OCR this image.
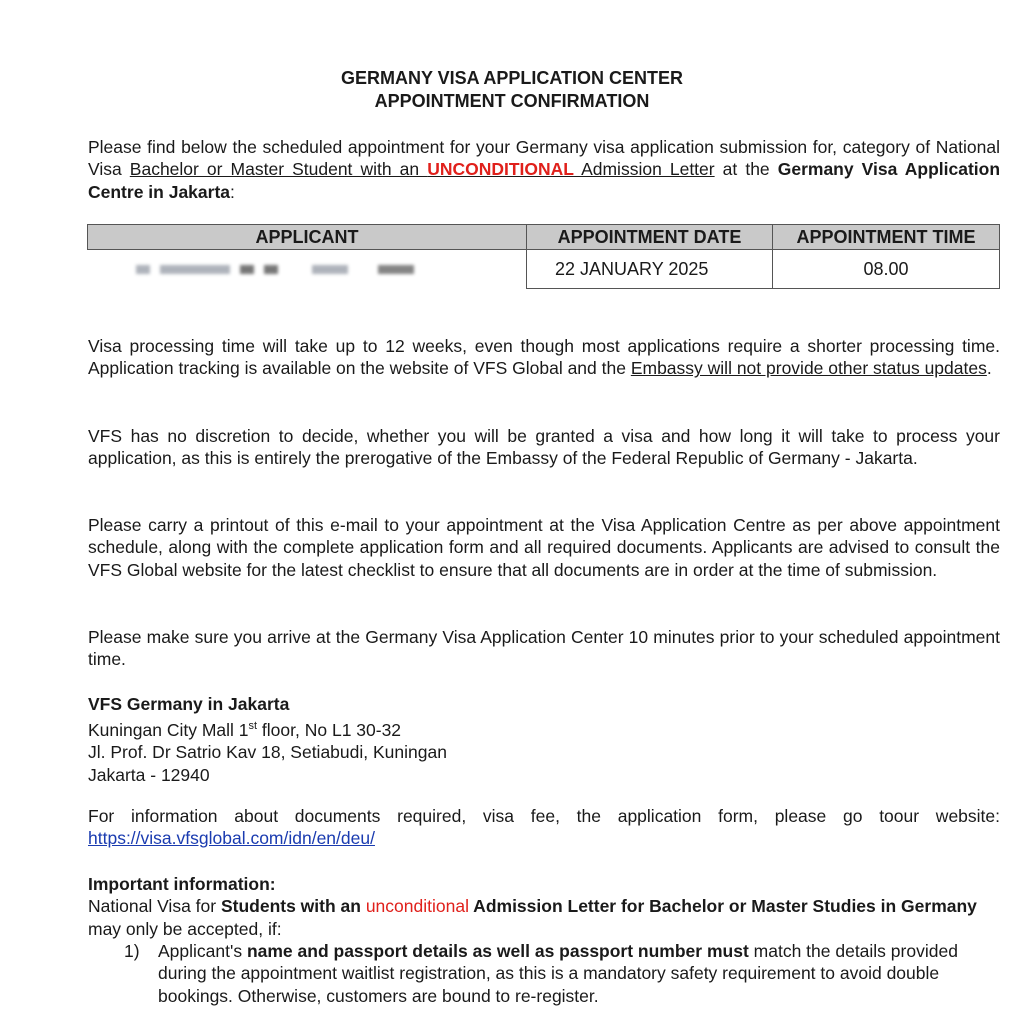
GERMANY VISA APPLICATION CENTER
APPOINTMENT CONFIRMATION
Please find below the scheduled appointment for your Germany visa application submission for, category of National Visa Bachelor or Master Student with an UNCONDITIONAL Admission Letter at the Germany Visa Application Centre in Jakarta:
APPLICANT	APPOINTMENT DATE	APPOINTMENT TIME

	22 JANUARY 2025	08.00
Visa processing time will take up to 12 weeks, even though most applications require a shorter processing time. Application tracking is available on the website of VFS Global and the Embassy will not provide other status updates.
VFS has no discretion to decide, whether you will be granted a visa and how long it will take to process your application, as this is entirely the prerogative of the Embassy of the Federal Republic of Germany - Jakarta.
Please carry a printout of this e-mail to your appointment at the Visa Application Centre as per above appointment schedule, along with the complete application form and all required documents. Applicants are advised to consult the VFS Global website for the latest checklist to ensure that all documents are in order at the time of submission.
Please make sure you arrive at the Germany Visa Application Center 10 minutes prior to your scheduled appointment time.
VFS Germany in Jakarta
Kuningan City Mall 1st floor, No L1 30-32
Jl. Prof. Dr Satrio Kav 18, Setiabudi, Kuningan
Jakarta - 12940
For information about documents required, visa fee, the application form, please go toour website:
https://visa.vfsglobal.com/idn/en/deu/
Important information:
National Visa for Students with an unconditional Admission Letter for Bachelor or Master Studies in Germany may only be accepted, if:
1) Applicant's name and passport details as well as passport number must match the details provided during the appointment waitlist registration, as this is a mandatory safety requirement to avoid double bookings. Otherwise, customers are bound to re-register.
